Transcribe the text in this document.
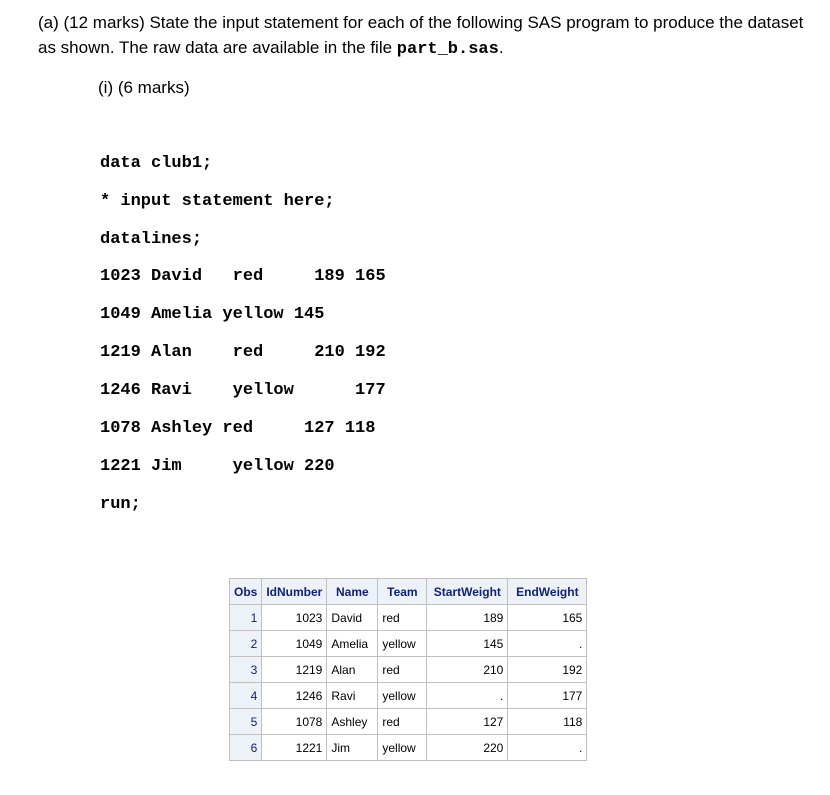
(a) (12 marks) State the input statement for each of the following SAS program to produce the dataset as shown. The raw data are available in the file part_b.sas.
(i) (6 marks)
data club1;
* input statement here;
datalines;
1023 David   red     189 165
1049 Amelia yellow 145
1219 Alan    red     210 192
1246 Ravi    yellow      177
1078 Ashley red     127 118
1221 Jim     yellow 220
run;
Obs	IdNumber	Name	Team	StartWeight	EndWeight
1	1023	David	red	189	165
2	1049	Amelia	yellow	145	.
3	1219	Alan	red	210	192
4	1246	Ravi	yellow	.	177
5	1078	Ashley	red	127	118
6	1221	Jim	yellow	220	.
